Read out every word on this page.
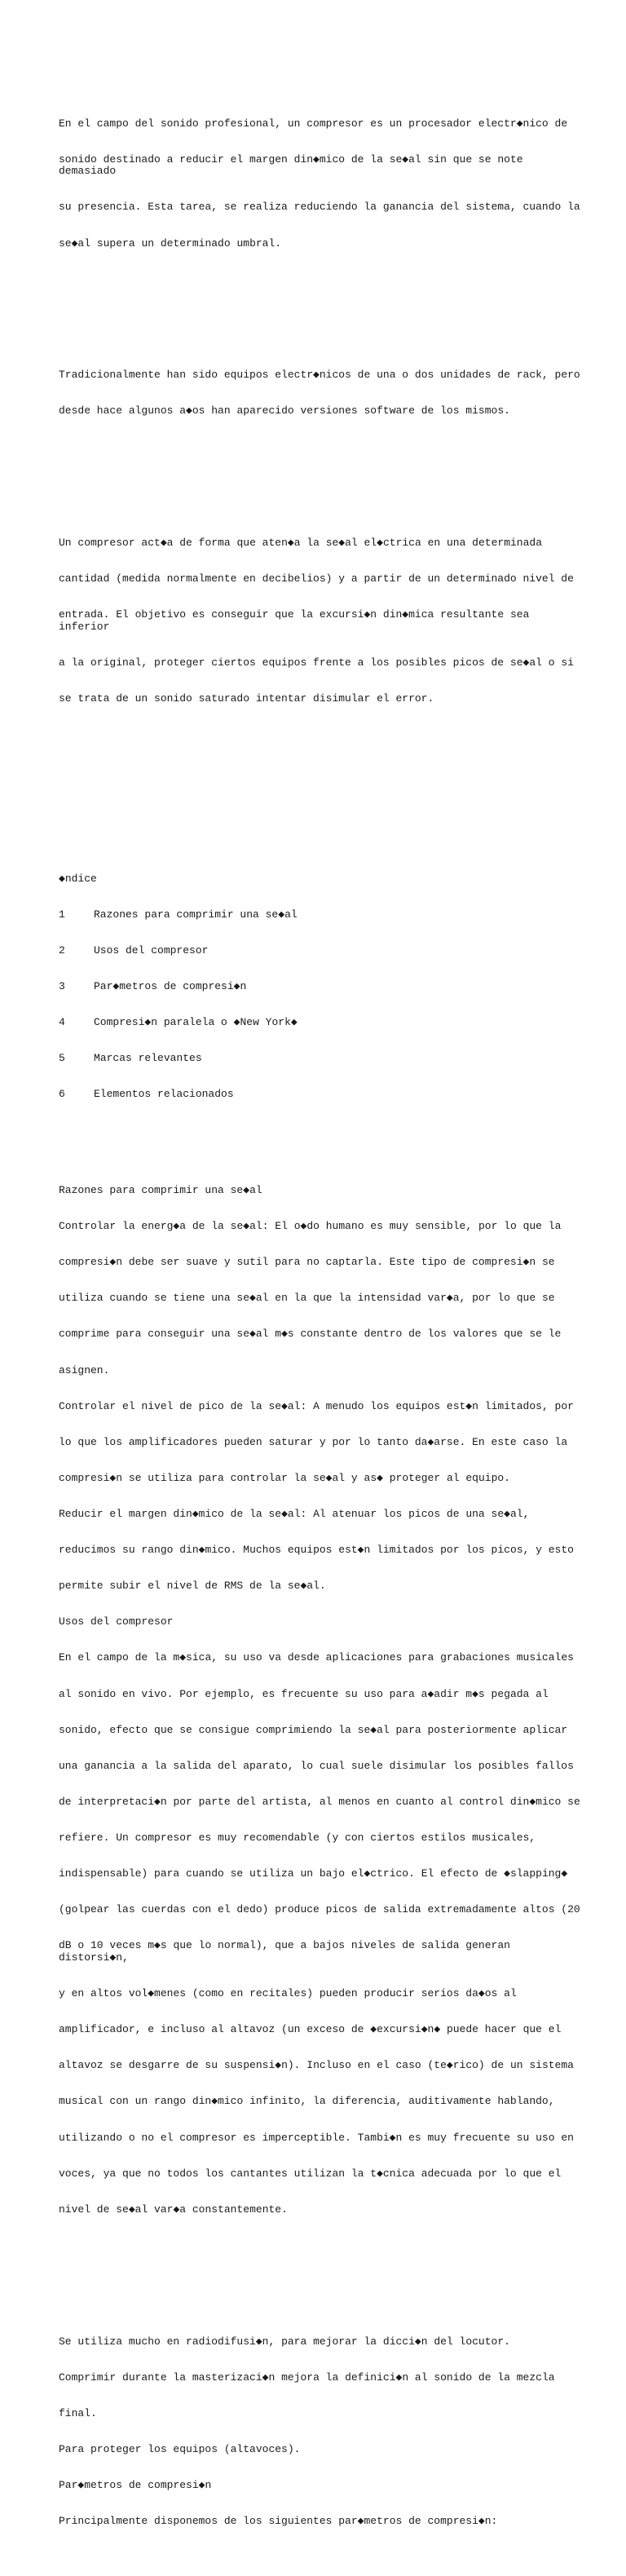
En el campo del sonido profesional, un compresor es un procesador electr◆nico de

sonido destinado a reducir el margen din◆mico de la se◆al sin que se note demasiado

su presencia. Esta tarea, se realiza reduciendo la ganancia del sistema, cuando la

se◆al supera un determinado umbral.

Tradicionalmente han sido equipos electr◆nicos de una o dos unidades de rack, pero

desde hace algunos a◆os han aparecido versiones software de los mismos.

Un compresor act◆a de forma que aten◆a la se◆al el◆ctrica en una determinada

cantidad (medida normalmente en decibelios) y a partir de un determinado nivel de

entrada. El objetivo es conseguir que la excursi◆n din◆mica resultante sea inferior

a la original, proteger ciertos equipos frente a los posibles picos de se◆al o si

se trata de un sonido saturado intentar disimular el error.

◆ndice

1	Razones para comprimir una se◆al

2	Usos del compresor

3	Par◆metros de compresi◆n

4	Compresi◆n paralela o ◆New York◆

5	Marcas relevantes

6	Elementos relacionados

Razones para comprimir una se◆al

Controlar la energ◆a de la se◆al: El o◆do humano es muy sensible, por lo que la

compresi◆n debe ser suave y sutil para no captarla. Este tipo de compresi◆n se

utiliza cuando se tiene una se◆al en la que la intensidad var◆a, por lo que se

comprime para conseguir una se◆al m◆s constante dentro de los valores que se le

asignen.

Controlar el nivel de pico de la se◆al: A menudo los equipos est◆n limitados, por

lo que los amplificadores pueden saturar y por lo tanto da◆arse. En este caso la

compresi◆n se utiliza para controlar la se◆al y as◆ proteger al equipo.

Reducir el margen din◆mico de la se◆al: Al atenuar los picos de una se◆al,

reducimos su rango din◆mico. Muchos equipos est◆n limitados por los picos, y esto

permite subir el nivel de RMS de la se◆al.

Usos del compresor

En el campo de la m◆sica, su uso va desde aplicaciones para grabaciones musicales

al sonido en vivo. Por ejemplo, es frecuente su uso para a◆adir m◆s pegada al

sonido, efecto que se consigue comprimiendo la se◆al para posteriormente aplicar

una ganancia a la salida del aparato, lo cual suele disimular los posibles fallos

de interpretaci◆n por parte del artista, al menos en cuanto al control din◆mico se

refiere. Un compresor es muy recomendable (y con ciertos estilos musicales,

indispensable) para cuando se utiliza un bajo el◆ctrico. El efecto de ◆slapping◆

(golpear las cuerdas con el dedo) produce picos de salida extremadamente altos (20

dB o 10 veces m◆s que lo normal), que a bajos niveles de salida generan distorsi◆n,

y en altos vol◆menes (como en recitales) pueden producir serios da◆os al

amplificador, e incluso al altavoz (un exceso de ◆excursi◆n◆ puede hacer que el

altavoz se desgarre de su suspensi◆n). Incluso en el caso (te◆rico) de un sistema

musical con un rango din◆mico infinito, la diferencia, auditivamente hablando,

utilizando o no el compresor es imperceptible. Tambi◆n es muy frecuente su uso en

voces, ya que no todos los cantantes utilizan la t◆cnica adecuada por lo que el

nivel de se◆al var◆a constantemente.

Se utiliza mucho en radiodifusi◆n, para mejorar la dicci◆n del locutor.

Comprimir durante la masterizaci◆n mejora la definici◆n al sonido de la mezcla

final.

Para proteger los equipos (altavoces).

Par◆metros de compresi◆n

Principalmente disponemos de los siguientes par◆metros de compresi◆n:
